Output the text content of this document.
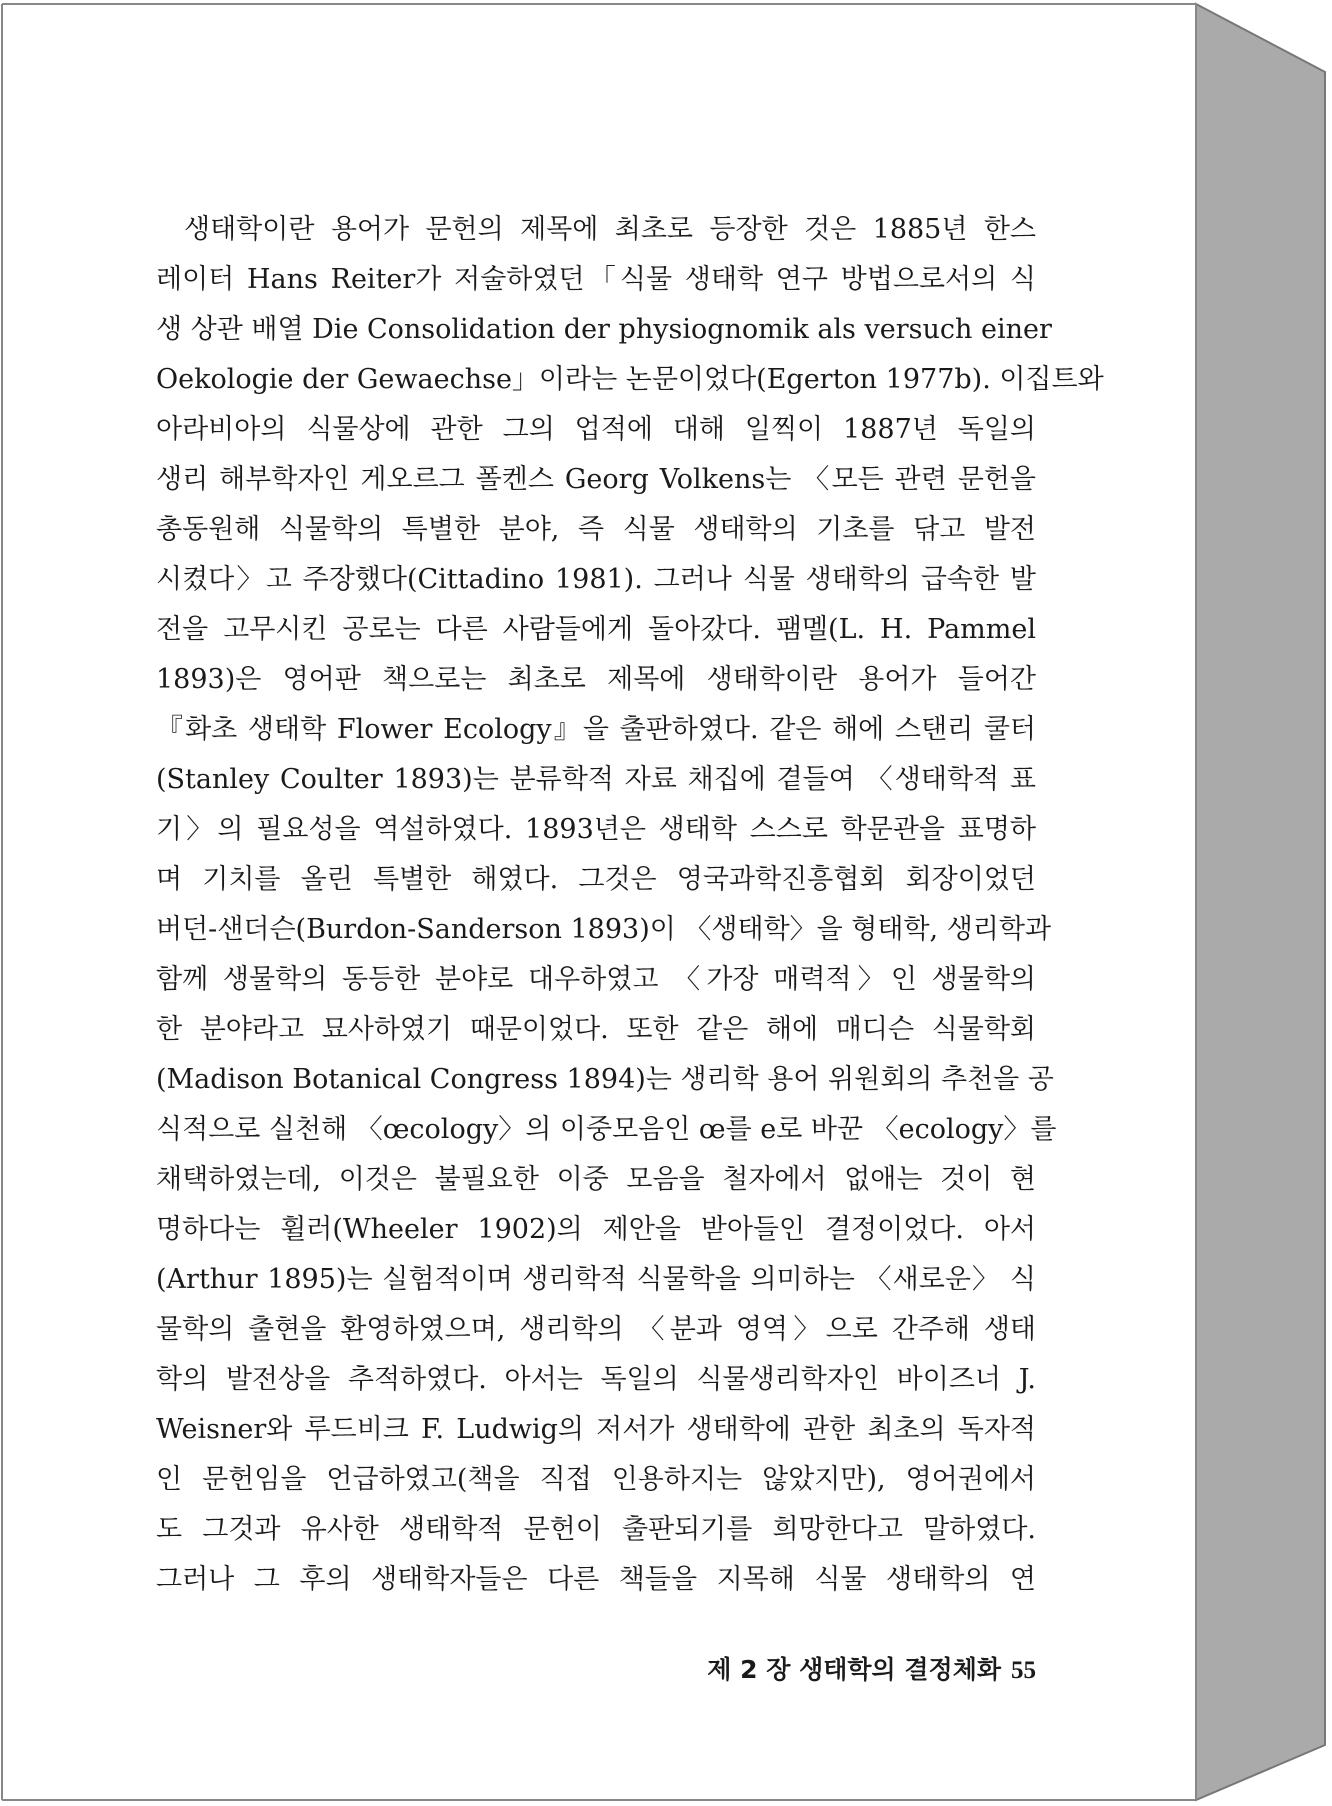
생태학이란 용어가 문헌의 제목에 최초로 등장한 것은 1885년 한스
레이터 Hans Reiter가 저술하였던「식물 생태학 연구 방법으로서의 식
생 상관 배열 Die Consolidation der physiognomik als versuch einer
Oekologie der Gewaechse」이라는 논문이었다(Egerton 1977b). 이집트와
아라비아의 식물상에 관한 그의 업적에 대해 일찍이 1887년 독일의
생리 해부학자인 게오르그 폴켄스 Georg Volkens는 〈모든 관련 문헌을
총동원해 식물학의 특별한 분야, 즉 식물 생태학의 기초를 닦고 발전
시켰다〉고 주장했다(Cittadino 1981). 그러나 식물 생태학의 급속한 발
전을 고무시킨 공로는 다른 사람들에게 돌아갔다. 팸멜(L. H. Pammel
1893)은 영어판 책으로는 최초로 제목에 생태학이란 용어가 들어간
『화초 생태학 Flower Ecology』을 출판하였다. 같은 해에 스탠리 쿨터
(Stanley Coulter 1893)는 분류학적 자료 채집에 곁들여 〈생태학적 표
기〉의 필요성을 역설하였다. 1893년은 생태학 스스로 학문관을 표명하
며 기치를 올린 특별한 해였다. 그것은 영국과학진흥협회 회장이었던
버던-샌더슨(Burdon-Sanderson 1893)이 〈생태학〉을 형태학, 생리학과
함께 생물학의 동등한 분야로 대우하였고 〈가장 매력적〉인 생물학의
한 분야라고 묘사하였기 때문이었다. 또한 같은 해에 매디슨 식물학회
(Madison Botanical Congress 1894)는 생리학 용어 위원회의 추천을 공
식적으로 실천해 〈œcology〉의 이중모음인 œ를 e로 바꾼 〈ecology〉를
채택하였는데, 이것은 불필요한 이중 모음을 철자에서 없애는 것이 현
명하다는 휠러(Wheeler 1902)의 제안을 받아들인 결정이었다. 아서
(Arthur 1895)는 실험적이며 생리학적 식물학을 의미하는 〈새로운〉 식
물학의 출현을 환영하였으며, 생리학의 〈분과 영역〉으로 간주해 생태
학의 발전상을 추적하였다. 아서는 독일의 식물생리학자인 바이즈너 J.
Weisner와 루드비크 F. Ludwig의 저서가 생태학에 관한 최초의 독자적
인 문헌임을 언급하였고(책을 직접 인용하지는 않았지만), 영어권에서
도 그것과 유사한 생태학적 문헌이 출판되기를 희망한다고 말하였다.
그러나 그 후의 생태학자들은 다른 책들을 지목해 식물 생태학의 연
제 2 장 생태학의 결정체화 55
